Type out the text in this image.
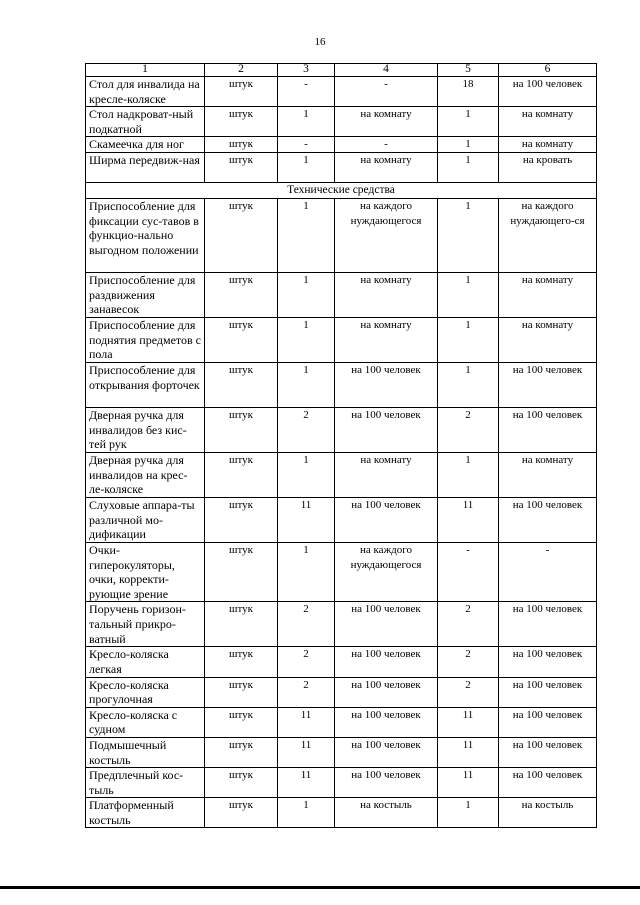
16
1	2	3	4	5	6
Стол для инвалида на кресле-коляске	штук	-	-	18	на 100 человек
Стол надкроват-ный подкатной	штук	1	на комнату	1	на комнату
Скамеечка для ног	штук	-	-	1	на комнату
Ширма передвиж-ная	штук	1	на комнату	1	на кровать
Технические средства					
Приспособление для фиксации сус-тавов в функцио-нально выгодном положении	штук	1	на каждого нуждающегося	1	на каждого нуждающего-ся
Приспособление для раздвижения занавесок	штук	1	на комнату	1	на комнату
Приспособление для поднятия предметов с пола	штук	1	на комнату	1	на комнату
Приспособление для открывания форточек	штук	1	на 100 человек	1	на 100 человек
Дверная ручка для инвалидов без кис-тей рук	штук	2	на 100 человек	2	на 100 человек
Дверная ручка для инвалидов на крес-ле-коляске	штук	1	на комнату	1	на комнату
Слуховые аппара-ты различной мо-дификации	штук	11	на 100 человек	11	на 100 человек
Очки-гиперокуляторы, очки, корректи-рующие зрение	штук	1	на каждого нуждающегося	-	-
Поручень горизон-тальный прикро-ватный	штук	2	на 100 человек	2	на 100 человек
Кресло-коляска легкая	штук	2	на 100 человек	2	на 100 человек
Кресло-коляска прогулочная	штук	2	на 100 человек	2	на 100 человек
Кресло-коляска с судном	штук	11	на 100 человек	11	на 100 человек
Подмышечный костыль	штук	11	на 100 человек	11	на 100 человек
Предплечный кос-тыль	штук	11	на 100 человек	11	на 100 человек
Платформенный костыль	штук	1	на костыль	1	на костыль
